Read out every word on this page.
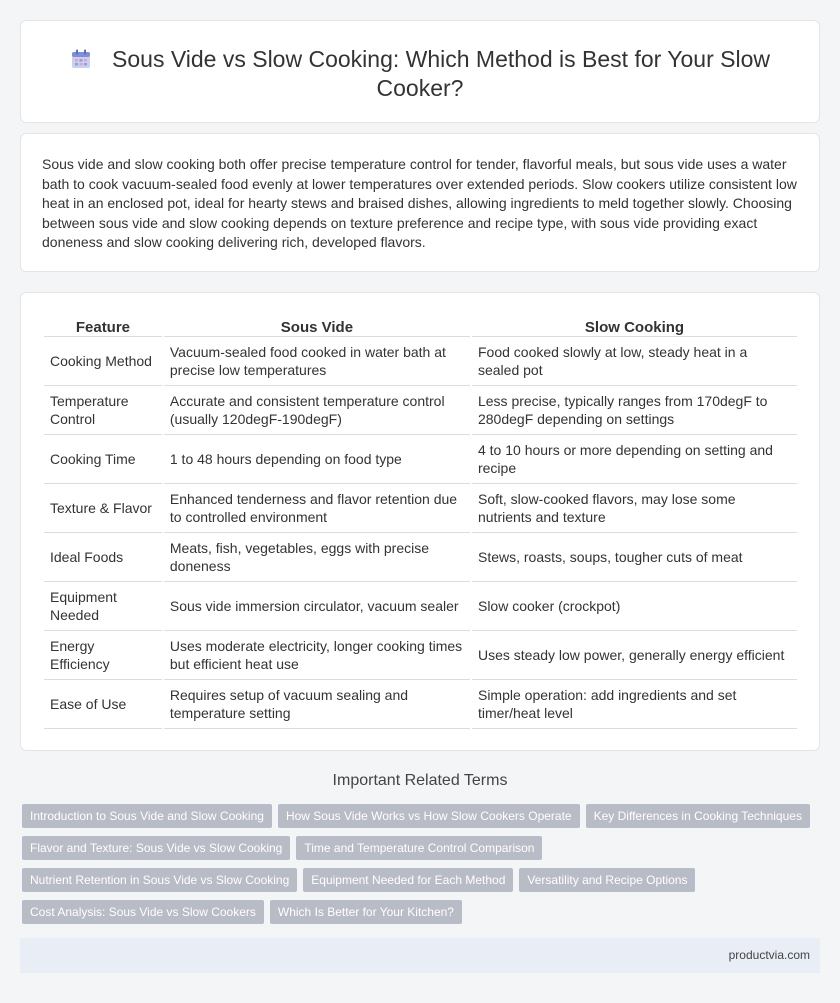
Sous Vide vs Slow Cooking: Which Method is Best for Your Slow Cooker?

Sous vide and slow cooking both offer precise temperature control for tender, flavorful meals, but sous vide uses a water bath to cook vacuum-sealed food evenly at lower temperatures over extended periods. Slow cookers utilize consistent low heat in an enclosed pot, ideal for hearty stews and braised dishes, allowing ingredients to meld together slowly. Choosing between sous vide and slow cooking depends on texture preference and recipe type, with sous vide providing exact doneness and slow cooking delivering rich, developed flavors.

Feature	Sous Vide	Slow Cooking
Cooking Method	Vacuum-sealed food cooked in water bath at precise low temperatures	Food cooked slowly at low, steady heat in a sealed pot
Temperature Control	Accurate and consistent temperature control (usually 120degF-190degF)	Less precise, typically ranges from 170degF to 280degF depending on settings
Cooking Time	1 to 48 hours depending on food type	4 to 10 hours or more depending on setting and recipe
Texture & Flavor	Enhanced tenderness and flavor retention due to controlled environment	Soft, slow-cooked flavors, may lose some nutrients and texture
Ideal Foods	Meats, fish, vegetables, eggs with precise doneness	Stews, roasts, soups, tougher cuts of meat
Equipment Needed	Sous vide immersion circulator, vacuum sealer	Slow cooker (crockpot)
Energy Efficiency	Uses moderate electricity, longer cooking times but efficient heat use	Uses steady low power, generally energy efficient
Ease of Use	Requires setup of vacuum sealing and temperature setting	Simple operation: add ingredients and set timer/heat level
Important Related Terms
Introduction to Sous Vide and Slow Cooking How Sous Vide Works vs How Slow Cookers Operate Key Differences in Cooking Techniques
Flavor and Texture: Sous Vide vs Slow Cooking Time and Temperature Control Comparison
Nutrient Retention in Sous Vide vs Slow Cooking Equipment Needed for Each Method Versatility and Recipe Options
Cost Analysis: Sous Vide vs Slow Cookers Which Is Better for Your Kitchen?
productvia.com
